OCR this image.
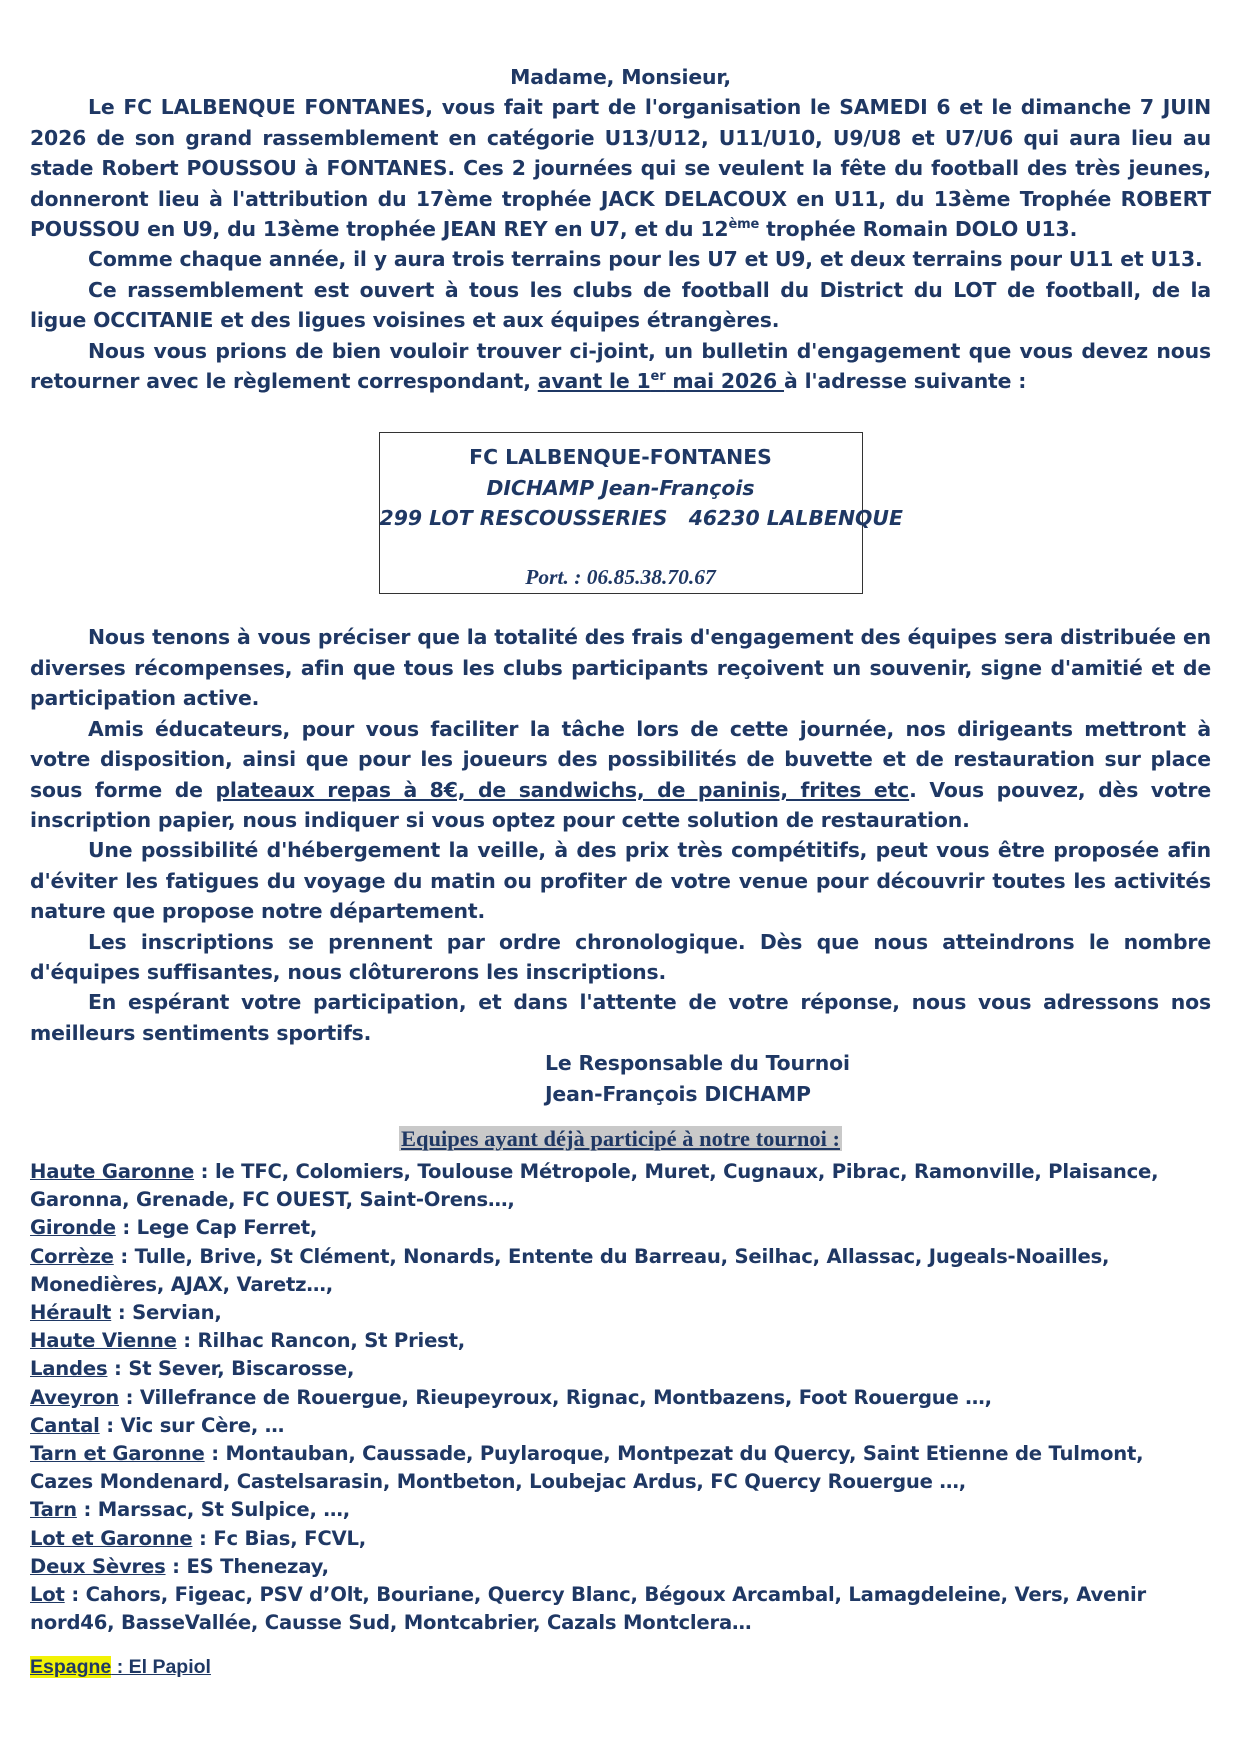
Madame, Monsieur,

Le FC LALBENQUE FONTANES, vous fait part de l'organisation le SAMEDI 6 et le dimanche 7 JUIN 2026 de son grand rassemblement en catégorie U13/U12, U11/U10, U9/U8 et U7/U6 qui aura lieu au stade Robert POUSSOU à FONTANES. Ces 2 journées qui se veulent la fête du football des très jeunes, donneront lieu à l'attribution du 17ème trophée JACK DELACOUX en U11, du 13ème Trophée ROBERT POUSSOU en U9, du 13ème trophée JEAN REY en U7, et du 12ème trophée Romain DOLO U13.

Comme chaque année, il y aura trois terrains pour les U7 et U9, et deux terrains pour U11 et U13.

Ce rassemblement est ouvert à tous les clubs de football du District du LOT de football, de la ligue OCCITANIE et des ligues voisines et aux équipes étrangères.

Nous vous prions de bien vouloir trouver ci-joint, un bulletin d'engagement que vous devez nous retourner avec le règlement correspondant, avant le 1er mai 2026 à l'adresse suivante :

FC LALBENQUE-FONTANES
DICHAMP Jean-François
299 LOT RESCOUSSERIES   46230 LALBENQUE
Port. : 06.85.38.70.67

Nous tenons à vous préciser que la totalité des frais d'engagement des équipes sera distribuée en diverses récompenses, afin que tous les clubs participants reçoivent un souvenir, signe d'amitié et de participation active.

Amis éducateurs, pour vous faciliter la tâche lors de cette journée, nos dirigeants mettront à votre disposition, ainsi que pour les joueurs des possibilités de buvette et de restauration sur place sous forme de plateaux repas à 8€, de sandwichs, de paninis, frites etc. Vous pouvez, dès votre inscription papier, nous indiquer si vous optez pour cette solution de restauration.

Une possibilité d'hébergement la veille, à des prix très compétitifs, peut vous être proposée afin d'éviter les fatigues du voyage du matin ou profiter de votre venue pour découvrir toutes les activités nature que propose notre département.

Les inscriptions se prennent par ordre chronologique. Dès que nous atteindrons le nombre d'équipes suffisantes, nous clôturerons les inscriptions.

En espérant votre participation, et dans l'attente de votre réponse, nous vous adressons nos meilleurs sentiments sportifs.

Le Responsable du Tournoi
Jean-François DICHAMP
Equipes ayant déjà participé à notre tournoi :
Haute Garonne : le TFC, Colomiers, Toulouse Métropole, Muret, Cugnaux, Pibrac, Ramonville, Plaisance, Garonna, Grenade, FC OUEST, Saint-Orens…,
Gironde : Lege Cap Ferret,
Corrèze : Tulle, Brive, St Clément, Nonards, Entente du Barreau, Seilhac, Allassac, Jugeals-Noailles, Monedières, AJAX, Varetz…,
Hérault : Servian,
Haute Vienne : Rilhac Rancon, St Priest,
Landes : St Sever, Biscarosse,
Aveyron : Villefrance de Rouergue, Rieupeyroux, Rignac, Montbazens, Foot Rouergue …,
Cantal : Vic sur Cère, …
Tarn et Garonne : Montauban, Caussade, Puylaroque, Montpezat du Quercy, Saint Etienne de Tulmont, Cazes Mondenard, Castelsarasin, Montbeton, Loubejac Ardus, FC Quercy Rouergue …,
Tarn : Marssac, St Sulpice, …,
Lot et Garonne : Fc Bias, FCVL,
Deux Sèvres : ES Thenezay,
Lot : Cahors, Figeac, PSV d’Olt, Bouriane, Quercy Blanc, Bégoux Arcambal, Lamagdeleine, Vers, Avenir nord46, BasseVallée, Causse Sud, Montcabrier, Cazals Montclera…
Espagne : El Papiol
